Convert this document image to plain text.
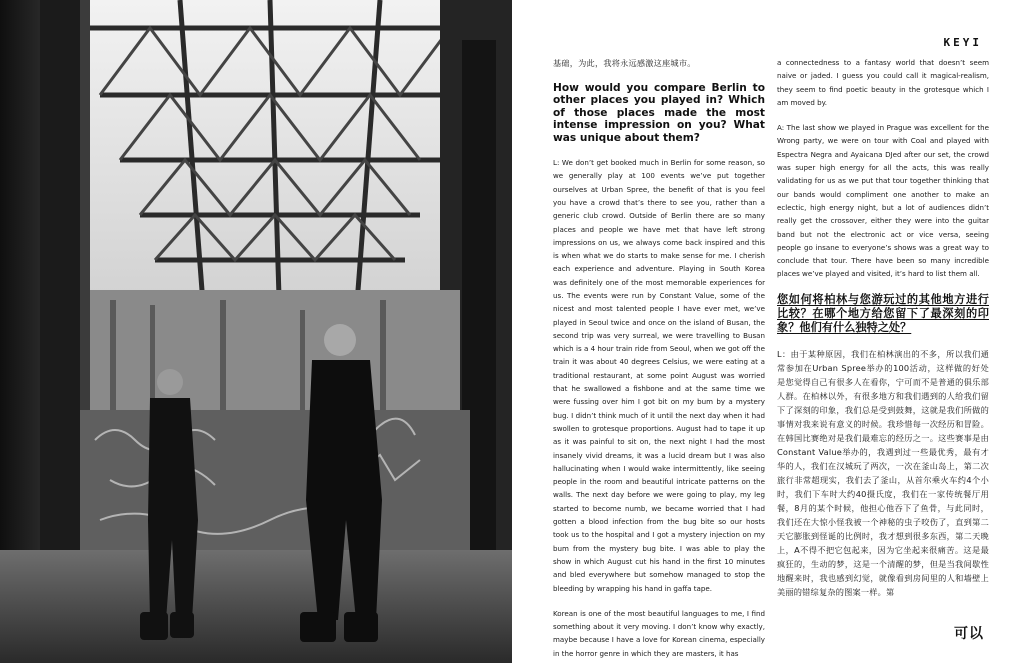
KEYI

基础，为此，我将永远感激这座城市。

How would you compare Berlin to other places you played in? Which of those places made the most intense impression on you? What was unique about them?

L: We don’t get booked much in Berlin for some reason, so we generally play at 100 events we’ve put together ourselves at Urban Spree, the benefit of that is you feel you have a crowd that’s there to see you, rather than a generic club crowd. Outside of Berlin there are so many places and people we have met that have left strong impressions on us, we always come back inspired and this is when what we do starts to make sense for me. I cherish each experience and adventure. Playing in South Korea was definitely one of the most memorable experiences for us. The events were run by Constant Value, some of the nicest and most talented people I have ever met, we’ve played in Seoul twice and once on the island of Busan, the second trip was very surreal, we were travelling to Busan which is a 4 hour train ride from Seoul, when we got off the train it was about 40 degrees Celsius, we were eating at a traditional restaurant, at some point August was worried that he swallowed a fishbone and at the same time we were fussing over him I got bit on my bum by a mystery bug. I didn’t think much of it until the next day when it had swollen to grotesque proportions. August had to tape it up as it was painful to sit on, the next night I had the most insanely vivid dreams, it was a lucid dream but I was also hallucinating when I would wake intermittently, like seeing people in the room and beautiful intricate patterns on the walls. The next day before we were going to play, my leg started to become numb, we became worried that I had gotten a blood infection from the bug bite so our hosts took us to the hospital and I got a mystery injection on my bum from the mystery bug bite. I was able to play the show in which August cut his hand in the first 10 minutes and bled everywhere but somehow managed to stop the bleeding by wrapping his hand in gaffa tape.

Korean is one of the most beautiful languages to me, I find something about it very moving. I don’t know why exactly, maybe because I have a love for Korean cinema, especially in the horror genre in which they are masters, it has

a connectedness to a fantasy world that doesn’t seem naive or jaded. I guess you could call it magical-realism, they seem to find poetic beauty in the grotesque which I am moved by.

A: The last show we played in Prague was excellent for the Wrong party, we were on tour with Coal and played with Espectra Negra and Ayaicana DJed after our set, the crowd was super high energy for all the acts, this was really validating for us as we put that tour together thinking that our bands would compliment one another to make an eclectic, high energy night, but a lot of audiences didn’t really get the crossover, either they were into the guitar band but not the electronic act or vice versa, seeing people go insane to everyone’s shows was a great way to conclude that tour. There have been so many incredible places we’ve played and visited, it’s hard to list them all.

您如何将柏林与您游玩过的其他地方进行比较？在哪个地方给您留下了最深刻的印象？他们有什么独特之处？

L：由于某种原因，我们在柏林演出的不多，所以我们通常参加在Urban Spree举办的100活动，这样做的好处是您觉得自己有很多人在看你，宁可而不是普通的俱乐部人群。在柏林以外，有很多地方和我们遇到的人给我们留下了深刻的印象，我们总是受到鼓舞，这就是我们所做的事情对我来说有意义的时候。我珍惜每一次经历和冒险。在韩国比赛绝对是我们最难忘的经历之一。这些赛事是由Constant Value举办的，我遇到过一些最优秀，最有才华的人，我们在汉城玩了两次，一次在釜山岛上，第二次旅行非常超现实，我们去了釜山，从首尔乘火车约4个小时，我们下车时大约40摄氏度，我们在一家传统餐厅用餐，8月的某个时候，他担心他吞下了鱼骨，与此同时，我们还在大惊小怪我被一个神秘的虫子咬伤了，直到第二天它膨胀到怪诞的比例时，我才想到很多东西，第二天晚上，A不得不把它包起来，因为它坐起来很痛苦。这是最疯狂的，生动的梦，这是一个清醒的梦，但是当我间歇性地醒来时，我也感到幻觉，就像看到房间里的人和墙壁上美丽的错综复杂的图案一样。第

可以
